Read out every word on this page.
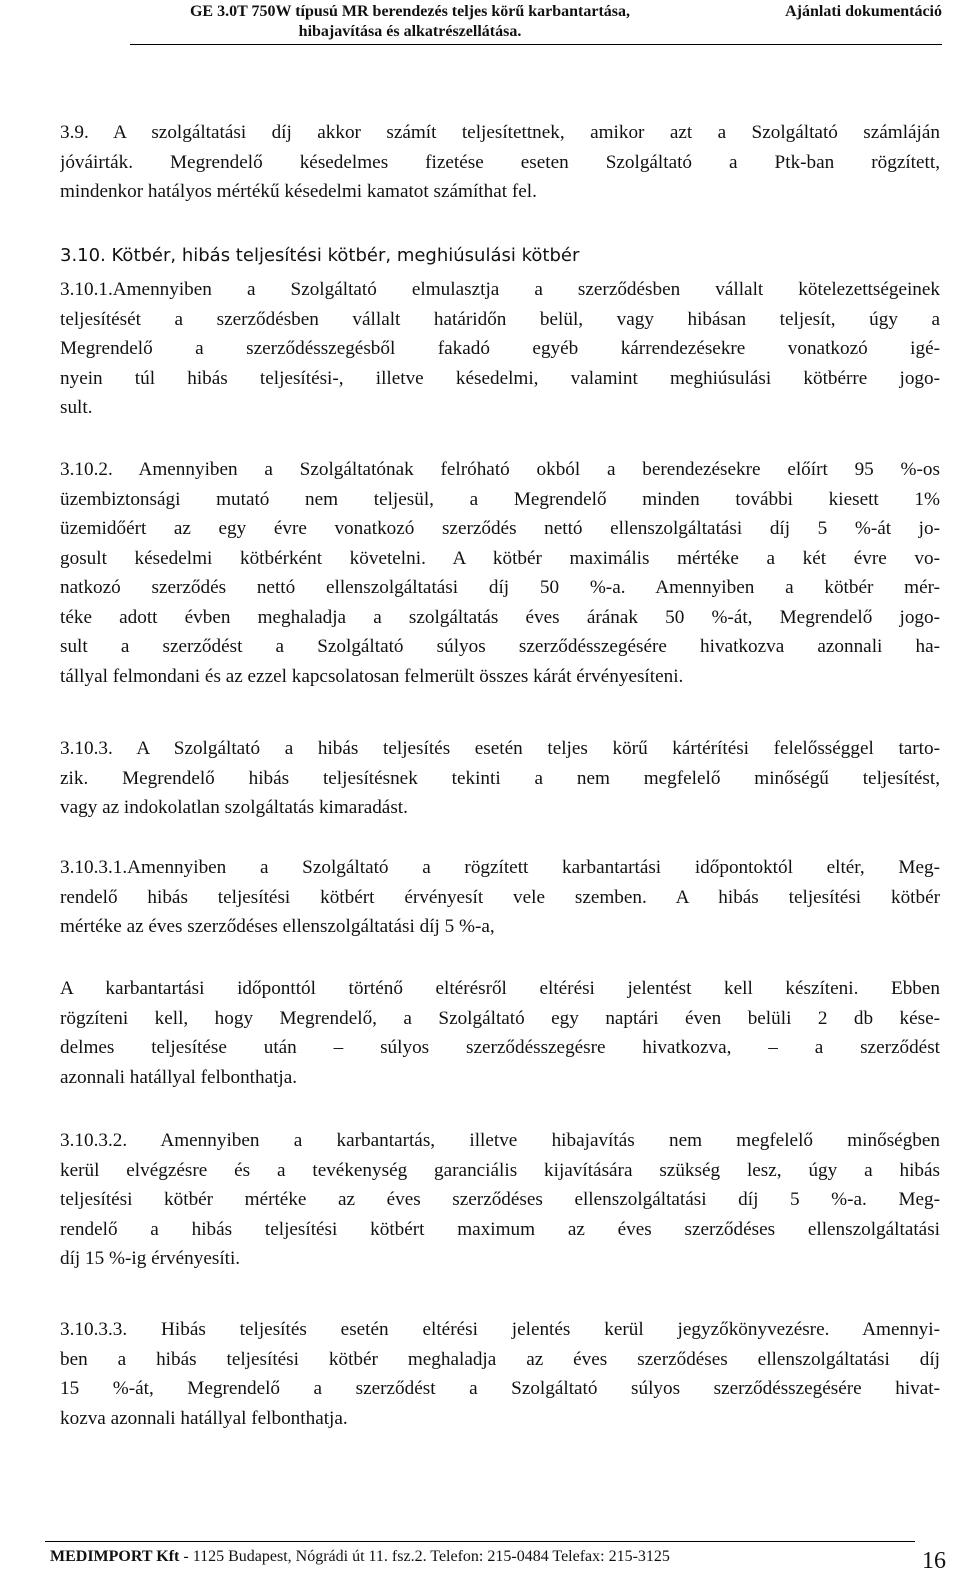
GE 3.0T 750W típusú MR berendezés teljes körű karbantartása,
hibajavítása és alkatrészellátása.
Ajánlati dokumentáció
3.9. A szolgáltatási díj akkor számít teljesítettnek, amikor azt a Szolgáltató számláján
jóváirták. Megrendelő késedelmes fizetése eseten Szolgáltató a Ptk-ban rögzített,
mindenkor hatályos mértékű késedelmi kamatot számíthat fel.
3.10. Kötbér, hibás teljesítési kötbér, meghiúsulási kötbér
3.10.1.Amennyiben a Szolgáltató elmulasztja a szerződésben vállalt kötelezettségeinek
teljesítését a szerződésben vállalt határidőn belül, vagy hibásan teljesít, úgy a
Megrendelő a szerződésszegésből fakadó egyéb kárrendezésekre vonatkozó igé-
nyein túl hibás teljesítési-, illetve késedelmi, valamint meghiúsulási kötbérre jogo-
sult.
3.10.2. Amennyiben a Szolgáltatónak felróható okból a berendezésekre előírt 95 %-os
üzembiztonsági mutató nem teljesül, a Megrendelő minden további kiesett 1%
üzemidőért az egy évre vonatkozó szerződés nettó ellenszolgáltatási díj 5 %-át jo-
gosult késedelmi kötbérként követelni. A kötbér maximális mértéke a két évre vo-
natkozó szerződés nettó ellenszolgáltatási díj 50 %-a. Amennyiben a kötbér mér-
téke adott évben meghaladja a szolgáltatás éves árának 50 %-át, Megrendelő jogo-
sult a szerződést a Szolgáltató súlyos szerződésszegésére hivatkozva azonnali ha-
tállyal felmondani és az ezzel kapcsolatosan felmerült összes kárát érvényesíteni.
3.10.3. A Szolgáltató a hibás teljesítés esetén teljes körű kártérítési felelősséggel tarto-
zik. Megrendelő hibás teljesítésnek tekinti a nem megfelelő minőségű teljesítést,
vagy az indokolatlan szolgáltatás kimaradást.
3.10.3.1.Amennyiben a Szolgáltató a rögzített karbantartási időpontoktól eltér, Meg-
rendelő hibás teljesítési kötbért érvényesít vele szemben. A hibás teljesítési kötbér
mértéke az éves szerződéses ellenszolgáltatási díj 5 %-a,
A karbantartási időponttól történő eltérésről eltérési jelentést kell készíteni. Ebben
rögzíteni kell, hogy Megrendelő, a Szolgáltató egy naptári éven belüli 2 db késе-
delmes teljesítése után – súlyos szerződésszegésre hivatkozva, – a szerződést
azonnali hatállyal felbonthatja.
3.10.3.2. Amennyiben a karbantartás, illetve hibajavítás nem megfelelő minőségben
kerül elvégzésre és a tevékenység garanciális kijavítására szükség lesz, úgy a hibás
teljesítési kötbér mértéke az éves szerződéses ellenszolgáltatási díj 5 %-a. Meg-
rendelő a hibás teljesítési kötbért maximum az éves szerződéses ellenszolgáltatási
díj 15 %-ig érvényesíti.
3.10.3.3. Hibás teljesítés esetén eltérési jelentés kerül jegyzőkönyvezésre. Amennyi-
ben a hibás teljesítési kötbér meghaladja az éves szerződéses ellenszolgáltatási díj
15 %-át, Megrendelő a szerződést a Szolgáltató súlyos szerződésszegésére hivat-
kozva azonnali hatállyal felbonthatja.
MEDIMPORT Kft - 1125 Budapest, Nógrádi út 11. fsz.2. Telefon: 215-0484 Telefax: 215-3125	16
